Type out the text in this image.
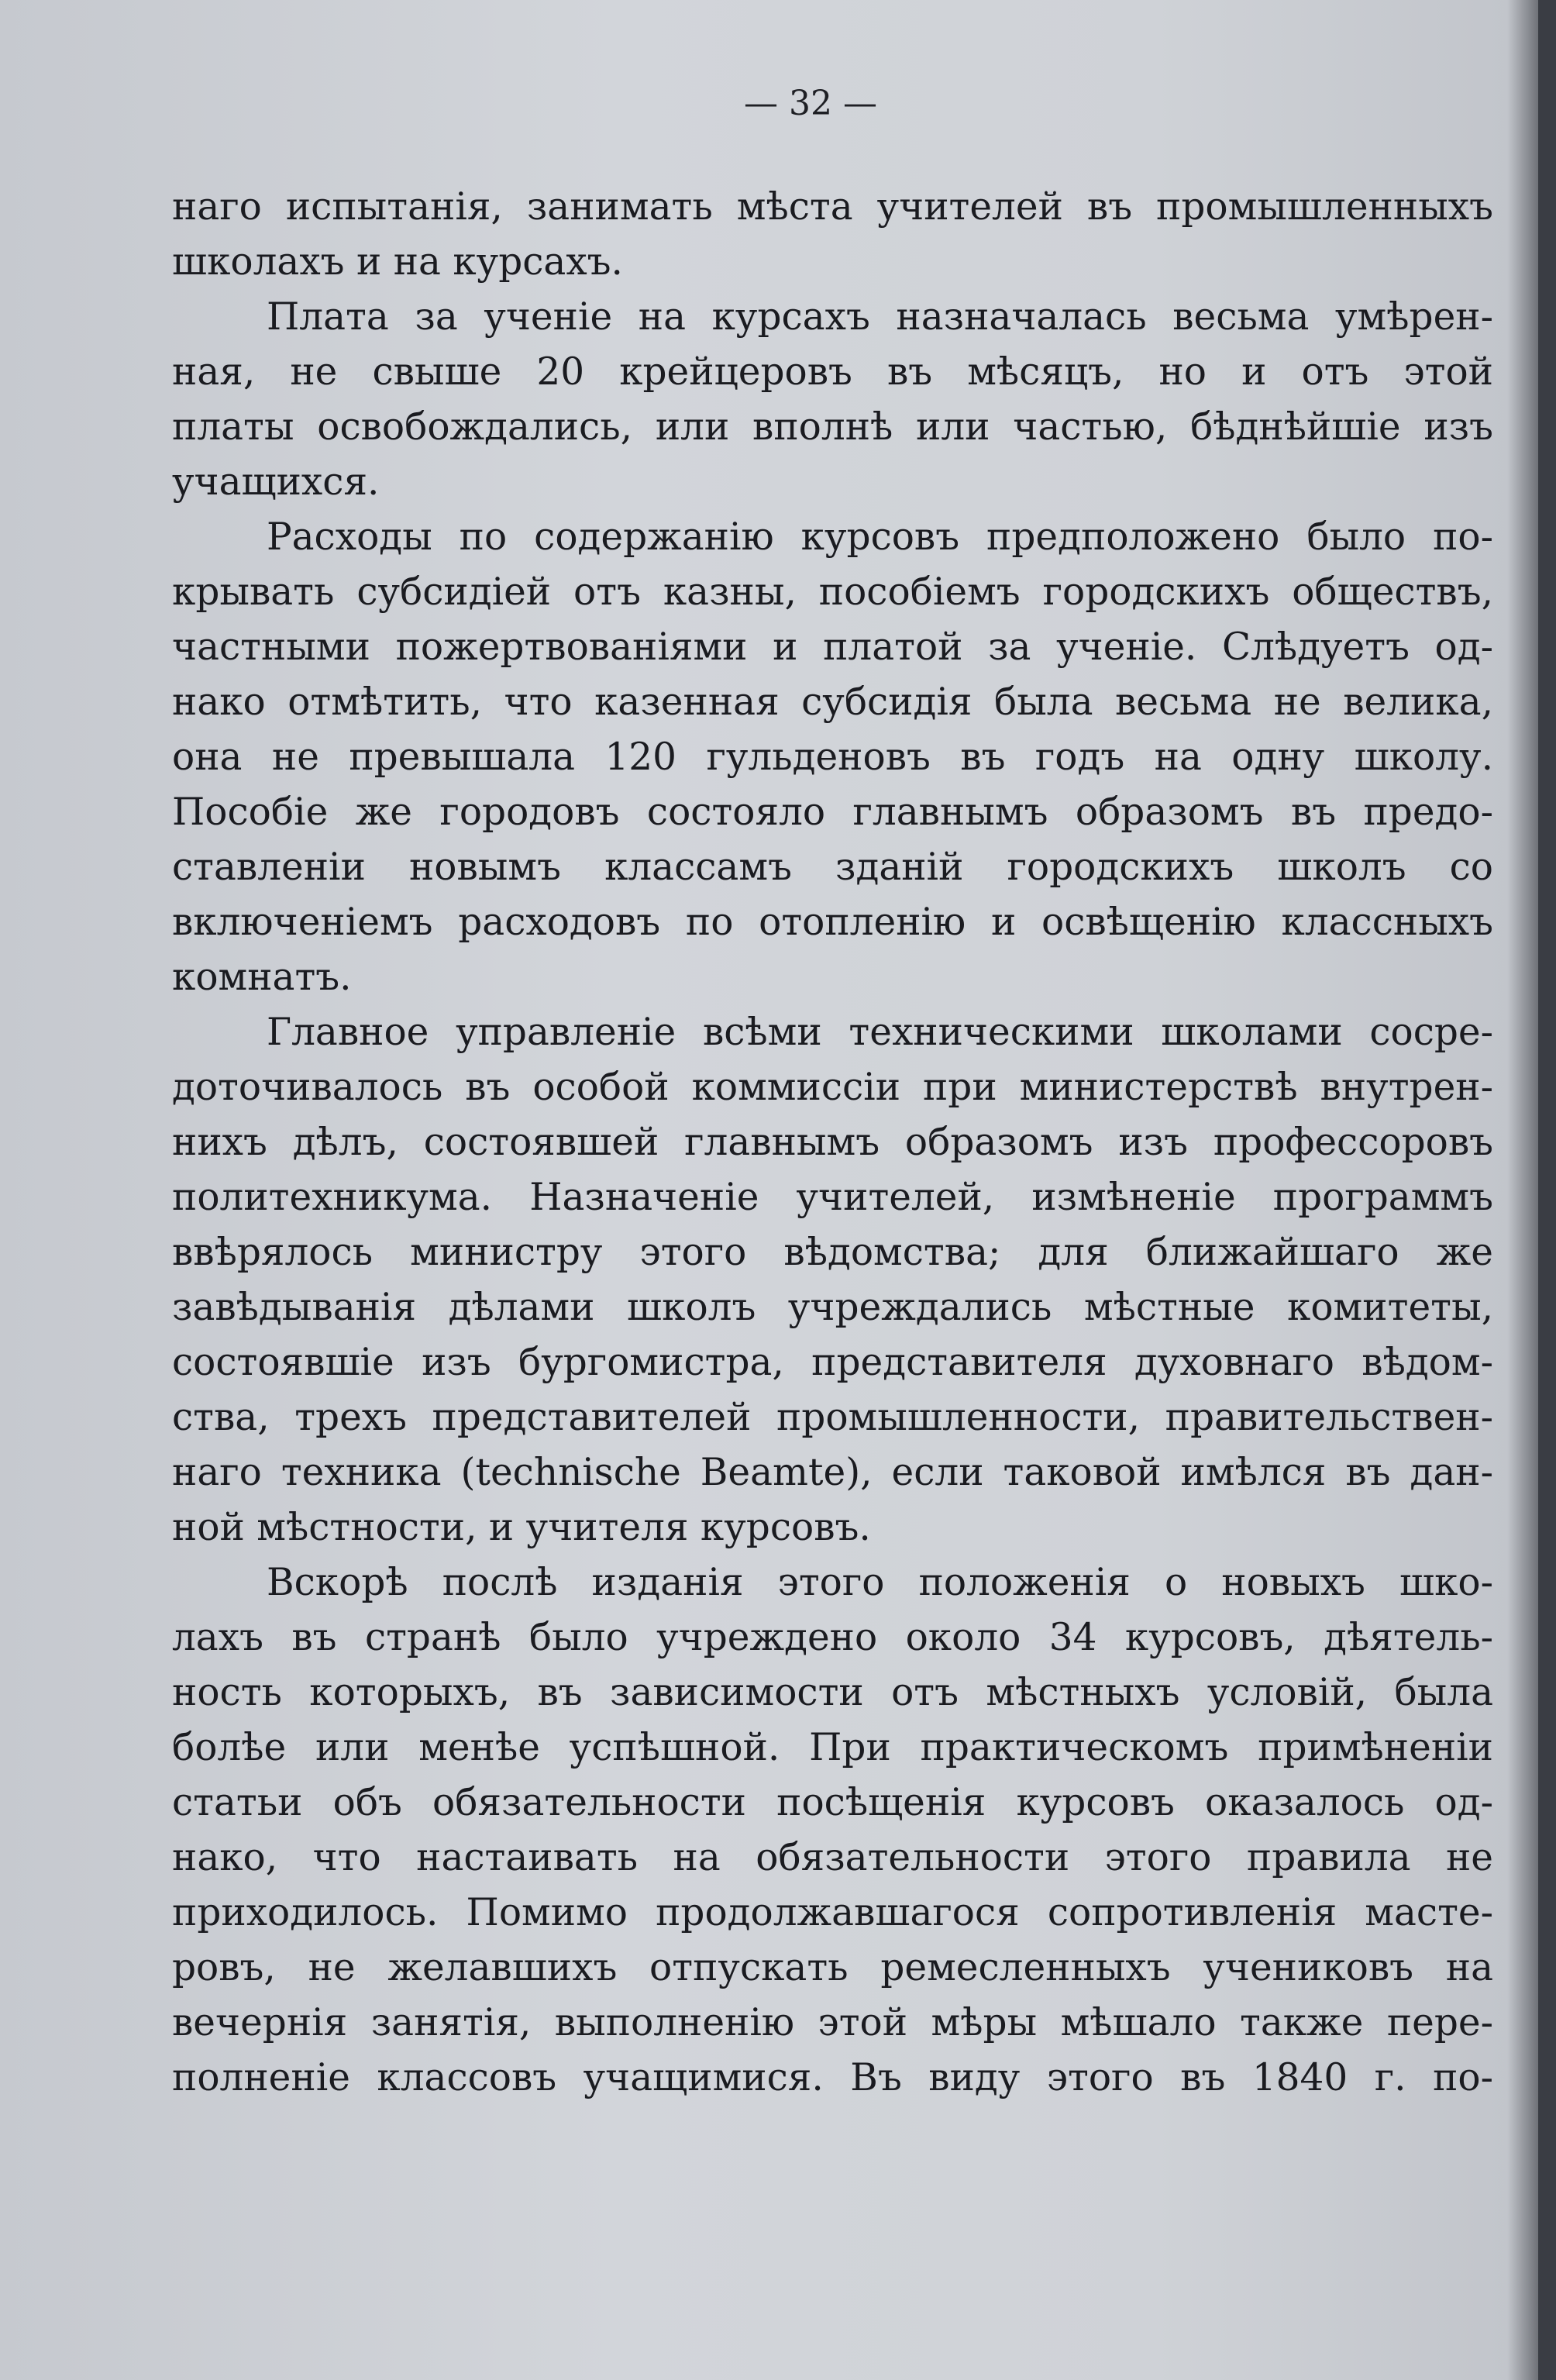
— 32 —
наго испытанія, занимать мѣста учителей въ промышленныхъ
школахъ и на курсахъ.
Плата за ученіе на курсахъ назначалась весьма умѣрен-
ная, не свыше 20 крейцеровъ въ мѣсяцъ, но и отъ этой
платы освобождались, или вполнѣ или частью, бѣднѣйшіе изъ
учащихся.
Расходы по содержанію курсовъ предположено было по-
крывать субсидіей отъ казны, пособіемъ городскихъ обществъ,
частными пожертвованіями и платой за ученіе. Слѣдуетъ од-
нако отмѣтить, что казенная субсидія была весьма не велика,
она не превышала 120 гульденовъ въ годъ на одну школу.
Пособіе же городовъ состояло главнымъ образомъ въ предо-
ставленіи новымъ классамъ зданій городскихъ школъ со
включеніемъ расходовъ по отопленію и освѣщенію классныхъ
комнатъ.
Главное управленіе всѣми техническими школами сосре-
доточивалось въ особой коммиссіи при министерствѣ внутрен-
нихъ дѣлъ, состоявшей главнымъ образомъ изъ профессоровъ
политехникума. Назначеніе учителей, измѣненіе программъ
ввѣрялось министру этого вѣдомства; для ближайшаго же
завѣдыванія дѣлами школъ учреждались мѣстные комитеты,
состоявшіе изъ бургомистра, представителя духовнаго вѣдом-
ства, трехъ представителей промышленности, правительствен-
наго техника (technische Beamte), если таковой имѣлся въ дан-
ной мѣстности, и учителя курсовъ.
Вскорѣ послѣ изданія этого положенія о новыхъ шко-
лахъ въ странѣ было учреждено около 34 курсовъ, дѣятель-
ность которыхъ, въ зависимости отъ мѣстныхъ условій, была
болѣе или менѣе успѣшной. При практическомъ примѣненіи
статьи объ обязательности посѣщенія курсовъ оказалось од-
нако, что настаивать на обязательности этого правила не
приходилось. Помимо продолжавшагося сопротивленія масте-
ровъ, не желавшихъ отпускать ремесленныхъ учениковъ на
вечернія занятія, выполненію этой мѣры мѣшало также пере-
полненіе классовъ учащимися. Въ виду этого въ 1840 г. по-
